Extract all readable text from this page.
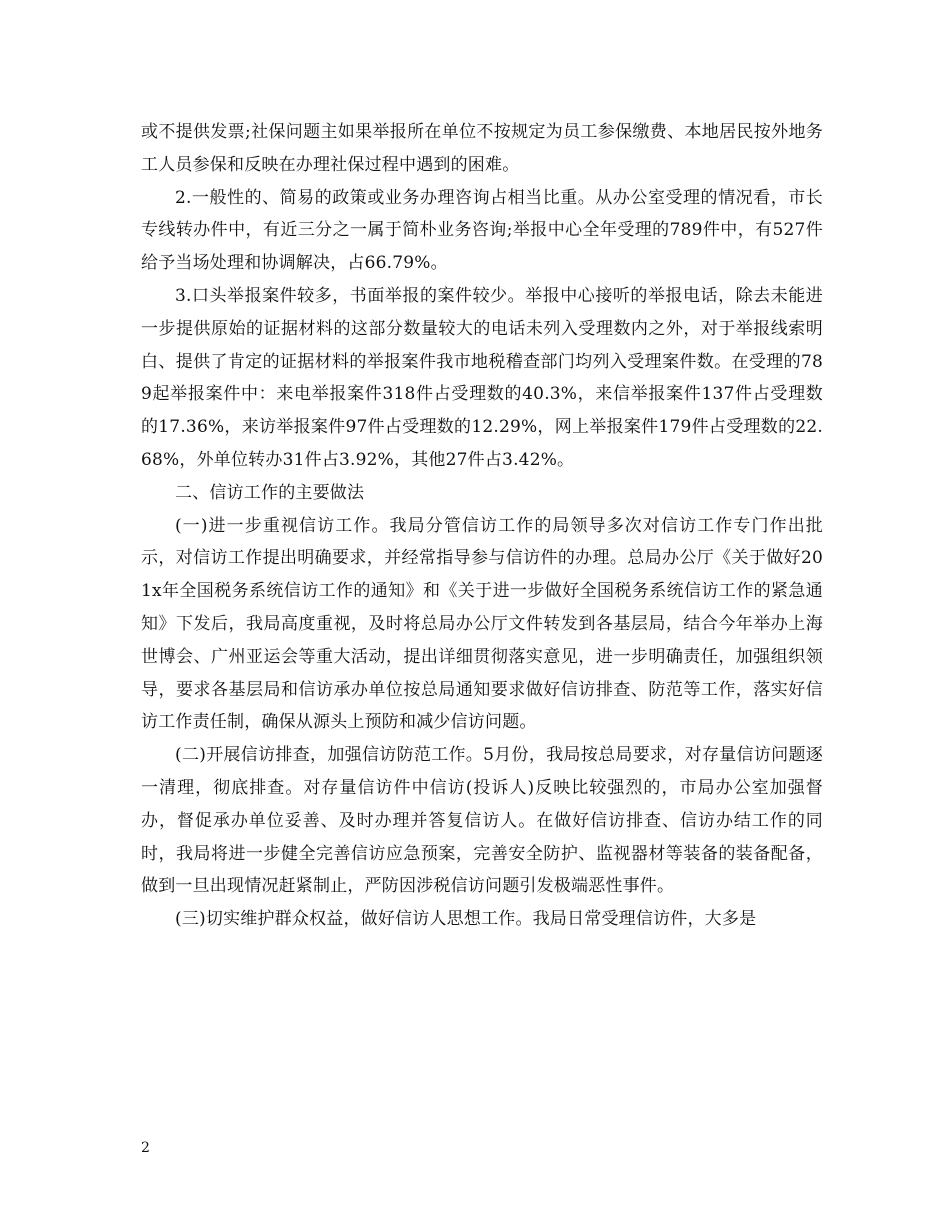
或不提供发票;社保问题主如果举报所在单位不按规定为员工参保缴费、本地居民按外地务工人员参保和反映在办理社保过程中遇到的困难。

2.一般性的、简易的政策或业务办理咨询占相当比重。从办公室受理的情况看，市长专线转办件中，有近三分之一属于简朴业务咨询;举报中心全年受理的789件中，有527件给予当场处理和协调解决，占66.79%。

3.口头举报案件较多，书面举报的案件较少。举报中心接听的举报电话，除去未能进一步提供原始的证据材料的这部分数量较大的电话未列入受理数内之外，对于举报线索明白、提供了肯定的证据材料的举报案件我市地税稽查部门均列入受理案件数。在受理的789起举报案件中：来电举报案件318件占受理数的40.3%，来信举报案件137件占受理数的17.36%，来访举报案件97件占受理数的12.29%，网上举报案件179件占受理数的22.68%，外单位转办31件占3.92%，其他27件占3.42%。

二、信访工作的主要做法

(一)进一步重视信访工作。我局分管信访工作的局领导多次对信访工作专门作出批示，对信访工作提出明确要求，并经常指导参与信访件的办理。总局办公厅《关于做好201x年全国税务系统信访工作的通知》和《关于进一步做好全国税务系统信访工作的紧急通知》下发后，我局高度重视，及时将总局办公厅文件转发到各基层局，结合今年举办上海世博会、广州亚运会等重大活动，提出详细贯彻落实意见，进一步明确责任，加强组织领导，要求各基层局和信访承办单位按总局通知要求做好信访排查、防范等工作，落实好信访工作责任制，确保从源头上预防和减少信访问题。

(二)开展信访排查，加强信访防范工作。5月份，我局按总局要求，对存量信访问题逐一清理，彻底排查。对存量信访件中信访(投诉人)反映比较强烈的，市局办公室加强督办，督促承办单位妥善、及时办理并答复信访人。在做好信访排查、信访办结工作的同时，我局将进一步健全完善信访应急预案，完善安全防护、监视器材等装备的装备配备，做到一旦出现情况赶紧制止，严防因涉税信访问题引发极端恶性事件。

(三)切实维护群众权益，做好信访人思想工作。我局日常受理信访件，大多是

2
